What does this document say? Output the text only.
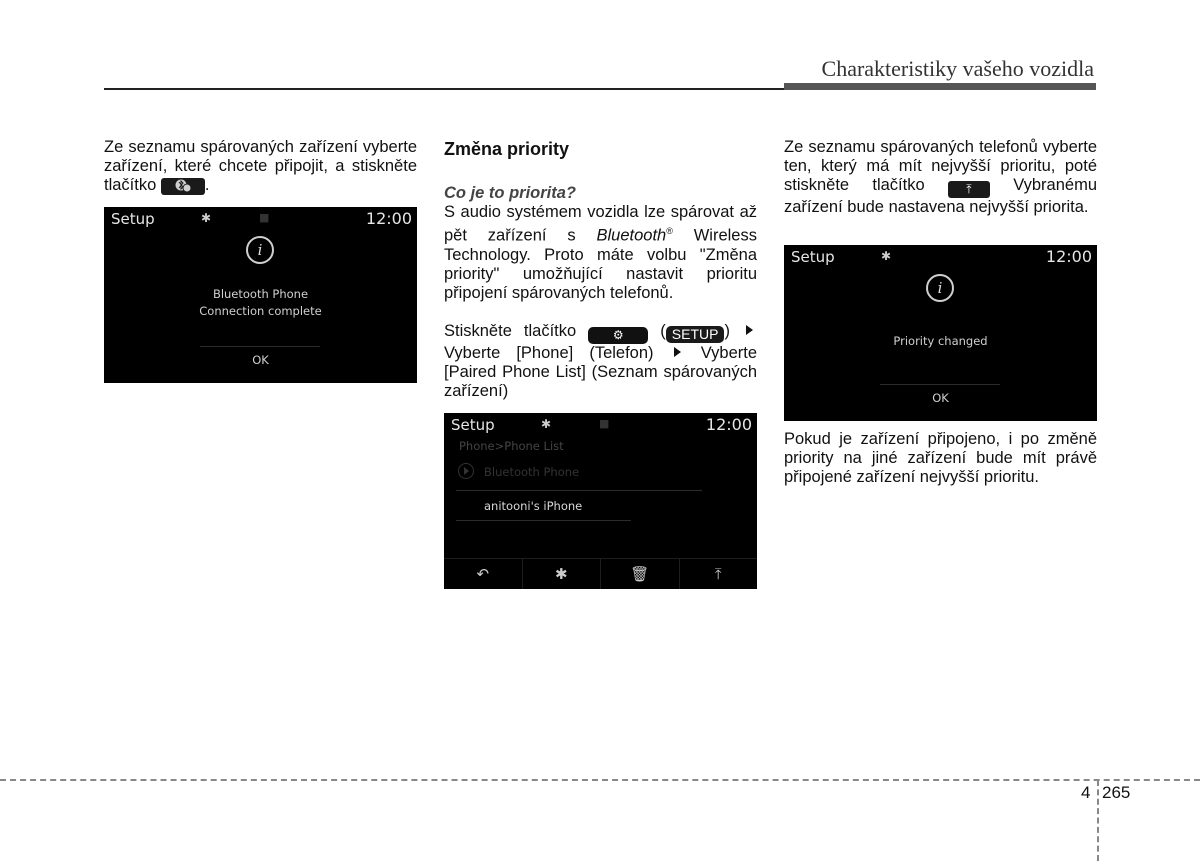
Charakteristiky vašeho vozidla

Ze seznamu spárovaných zařízení vyberte zařízení, které chcete připojit, a stiskněte tlačítko	.

Setup	✱	■	12:00
i
Bluetooth Phone
Connection complete
OK
Změna priority
Co je to priorita?

S audio systémem vozidla lze spárovat až pět zařízení s Bluetooth® Wireless Technology. Proto máte volbu "Změna priority" umožňující nastavit prioritu připojení spárovaných telefonů.

Stiskněte tlačítko	⚙ ( SETUP )  Vyberte [Phone] (Telefon)	Vyberte [Paired Phone List] (Seznam spárovaných zařízení)

Setup	✱	■	12:00
Phone>Phone List
Bluetooth Phone
anitooni's iPhone
↶	✱	🗑︎	⤒

Ze seznamu spárovaných telefonů vyberte ten, který má mít nejvyšší prioritu, poté stiskněte tlačítko	⤒	Vybranému zařízení bude nastavena nejvyšší priorita.

Setup	✱	12:00
i
Priority changed
OK

Pokud je zařízení připojeno, i po změně priority na jiné zařízení bude mít právě připojené zařízení nejvyšší prioritu.

4 265
